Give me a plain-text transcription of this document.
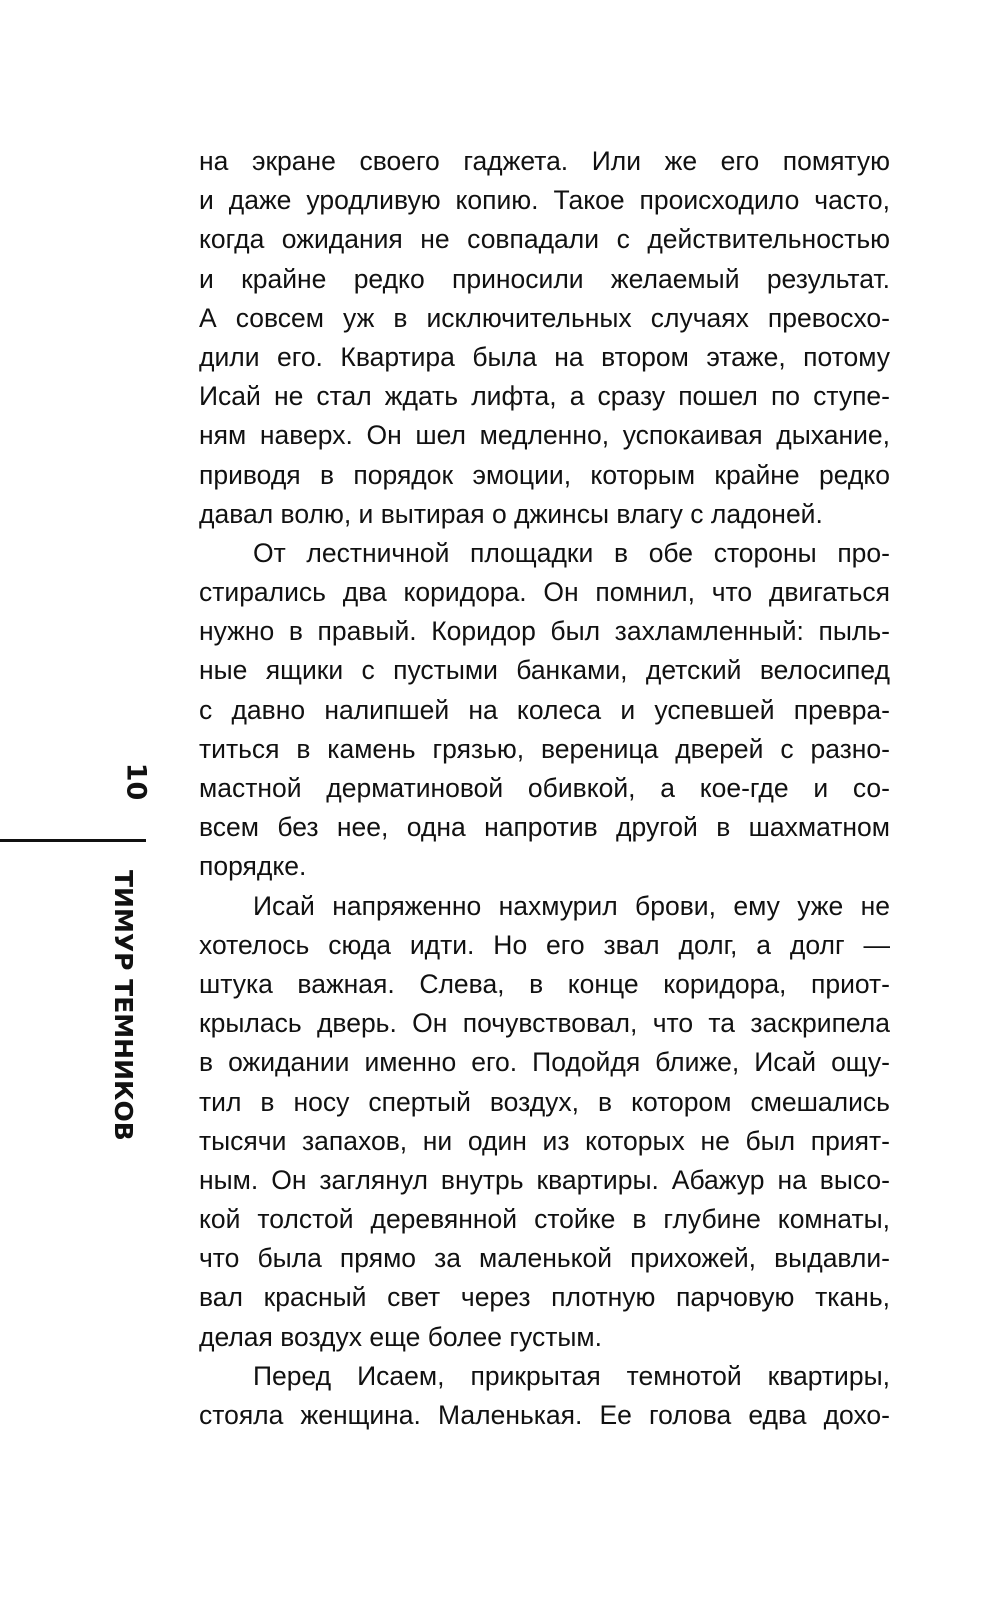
10
ТИМУР ТЕМНИКОВ
на экране своего гаджета. Или же его помятую
и даже уродливую копию. Такое происходило часто,
когда ожидания не совпадали с действительностью
и крайне редко приносили желаемый результат.
А совсем уж в исключительных случаях превосхо-
дили его. Квартира была на втором этаже, потому
Исай не стал ждать лифта, а сразу пошел по ступе-
ням наверх. Он шел медленно, успокаивая дыхание,
приводя в порядок эмоции, которым крайне редко
давал волю, и вытирая о джинсы влагу с ладоней.
От лестничной площадки в обе стороны про-
стирались два коридора. Он помнил, что двигаться
нужно в правый. Коридор был захламленный: пыль-
ные ящики с пустыми банками, детский велосипед
с давно налипшей на колеса и успевшей превра-
титься в камень грязью, вереница дверей с разно-
мастной дерматиновой обивкой, а кое-где и со-
всем без нее, одна напротив другой в шахматном
порядке.
Исай напряженно нахмурил брови, ему уже не
хотелось сюда идти. Но его звал долг, а долг —
штука важная. Слева, в конце коридора, приот-
крылась дверь. Он почувствовал, что та заскрипела
в ожидании именно его. Подойдя ближе, Исай ощу-
тил в носу спертый воздух, в котором смешались
тысячи запахов, ни один из которых не был прият-
ным. Он заглянул внутрь квартиры. Абажур на высо-
кой толстой деревянной стойке в глубине комнаты,
что была прямо за маленькой прихожей, выдавли-
вал красный свет через плотную парчовую ткань,
делая воздух еще более густым.
Перед Исаем, прикрытая темнотой квартиры,
стояла женщина. Маленькая. Ее голова едва дохо-
